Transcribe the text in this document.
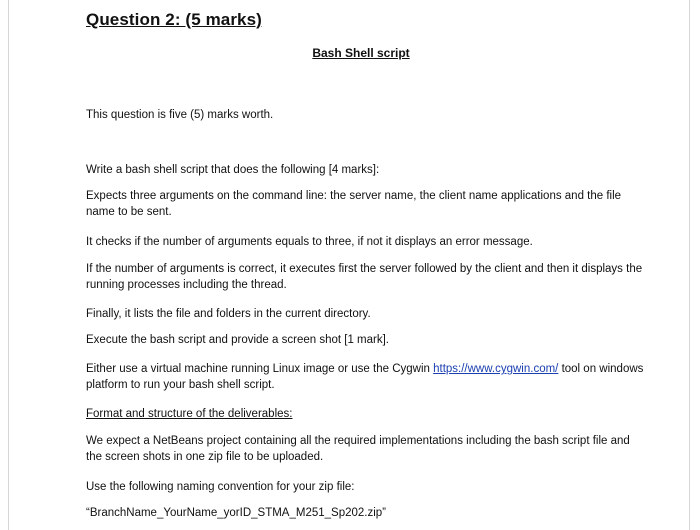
Question 2: (5 marks)
Bash Shell script

This question is five (5) marks worth.

Write a bash shell script that does the following [4 marks]:

Expects three arguments on the command line: the server name, the client name applications and the file name to be sent.

It checks if the number of arguments equals to three, if not it displays an error message.

If the number of arguments is correct, it executes first the server followed by the client and then it displays the running processes including the thread.

Finally, it lists the file and folders in the current directory.

Execute the bash script and provide a screen shot [1 mark].

Either use a virtual machine running Linux image or use the Cygwin https://www.cygwin.com/ tool on windows platform to run your bash shell script.

Format and structure of the deliverables:

We expect a NetBeans project containing all the required implementations including the bash script file and the screen shots in one zip file to be uploaded.

Use the following naming convention for your zip file:

“BranchName_YourName_yorID_STMA_M251_Sp202.zip”
